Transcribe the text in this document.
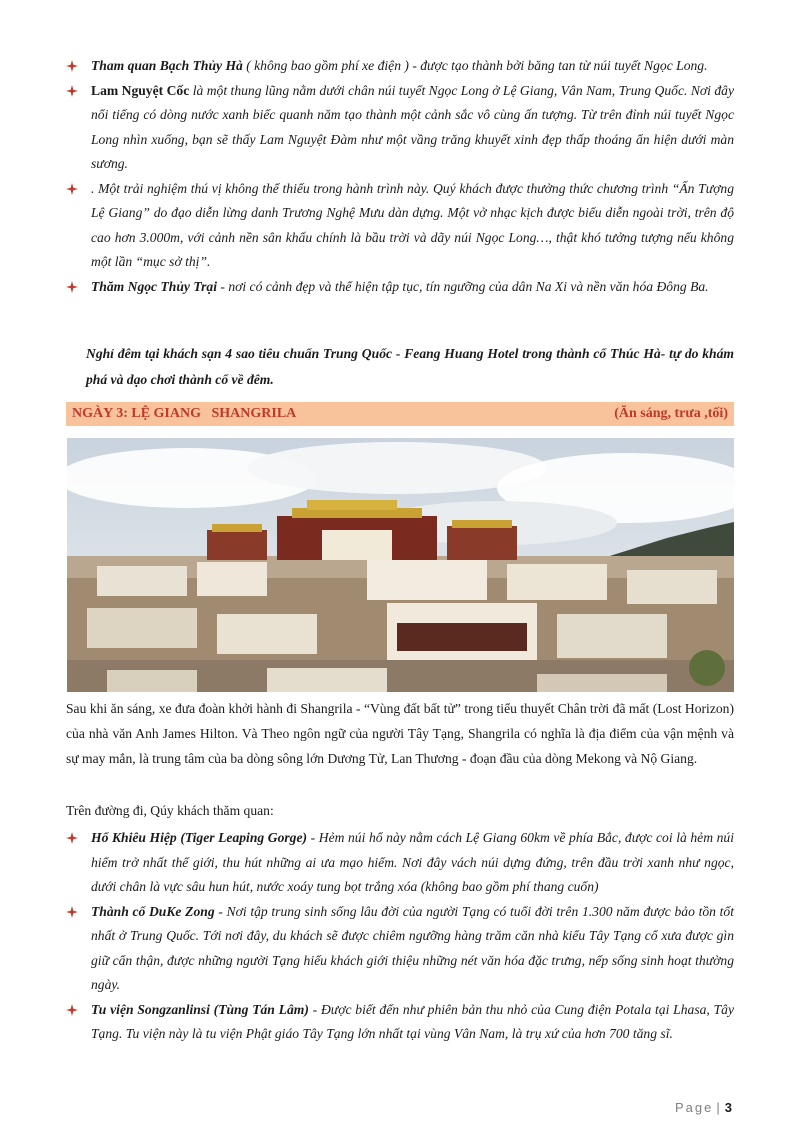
Tham quan Bạch Thủy Hà ( không bao gồm phí xe điện ) - được tạo thành bởi băng tan từ núi tuyết Ngọc Long.
Lam Nguyệt Cốc là một thung lũng nằm dưới chân núi tuyết Ngọc Long ở Lệ Giang, Vân Nam, Trung Quốc. Nơi đây nổi tiếng có dòng nước xanh biếc quanh năm tạo thành một cảnh sắc vô cùng ấn tượng. Từ trên đỉnh núi tuyết Ngọc Long nhìn xuống, bạn sẽ thấy Lam Nguyệt Đàm như một vầng trăng khuyết xinh đẹp thấp thoáng ẩn hiện dưới màn sương.
. Một trải nghiệm thú vị không thể thiếu trong hành trình này. Quý khách được thưởng thức chương trình “Ấn Tượng Lệ Giang” do đạo diễn lừng danh Trương Nghệ Mưu dàn dựng. Một vở nhạc kịch được biểu diễn ngoài trời, trên độ cao hơn 3.000m, với cảnh nền sân khấu chính là bầu trời và dãy núi Ngọc Long…, thật khó tưởng tượng nếu không một lần “mục sở thị”.
Thăm Ngọc Thủy Trại - nơi có cảnh đẹp và thể hiện tập tục, tín ngưỡng của dân Na Xi và nền văn hóa Đông Ba.
Nghỉ đêm tại khách sạn 4 sao tiêu chuẩn Trung Quốc - Feang Huang Hotel trong thành cổ Thúc Hà- tự do khám phá và dạo chơi thành cổ về đêm.
NGÀY 3: LỆ GIANG   SHANGRILA	(Ăn sáng, trưa ,tối)
Sau khi ăn sáng, xe đưa đoàn khởi hành đi Shangrila - “Vùng đất bất tử” trong tiểu thuyết Chân trời đã mất (Lost Horizon) của nhà văn Anh James Hilton. Và Theo ngôn ngữ của người Tây Tạng, Shangrila có nghĩa là địa điểm của vận mệnh và sự may mắn, là trung tâm của ba dòng sông lớn Dương Tử, Lan Thương - đoạn đầu của dòng Mekong và Nộ Giang.
Trên đường đi, Qúy khách thăm quan:
Hổ Khiêu Hiệp (Tiger Leaping Gorge) - Hẻm núi hổ này nằm cách Lệ Giang 60km về phía Bắc, được coi là hẻm núi hiểm trở nhất thế giới, thu hút những ai ưa mạo hiểm. Nơi đây vách núi dựng đứng, trên đầu trời xanh như ngọc, dưới chân là vực sâu hun hút, nước xoáy tung bọt trắng xóa (không bao gồm phí thang cuốn)
Thành cổ DuKe Zong - Nơi tập trung sinh sống lâu đời của người Tạng có tuổi đời trên 1.300 năm được bảo tồn tốt nhất ở Trung Quốc. Tới nơi đây, du khách sẽ được chiêm ngưỡng hàng trăm căn nhà kiểu Tây Tạng cổ xưa được gìn giữ cẩn thận, được những người Tạng hiếu khách giới thiệu những nét văn hóa đặc trưng, nếp sống sinh hoạt thường ngày.
Tu viện Songzanlinsi (Tùng Tán Lâm) - Được biết đến như phiên bản thu nhỏ của Cung điện Potala tại Lhasa, Tây Tạng. Tu viện này là tu viện Phật giáo Tây Tạng lớn nhất tại vùng Vân Nam, là trụ xứ của hơn 700 tăng sĩ.
Page | 3
